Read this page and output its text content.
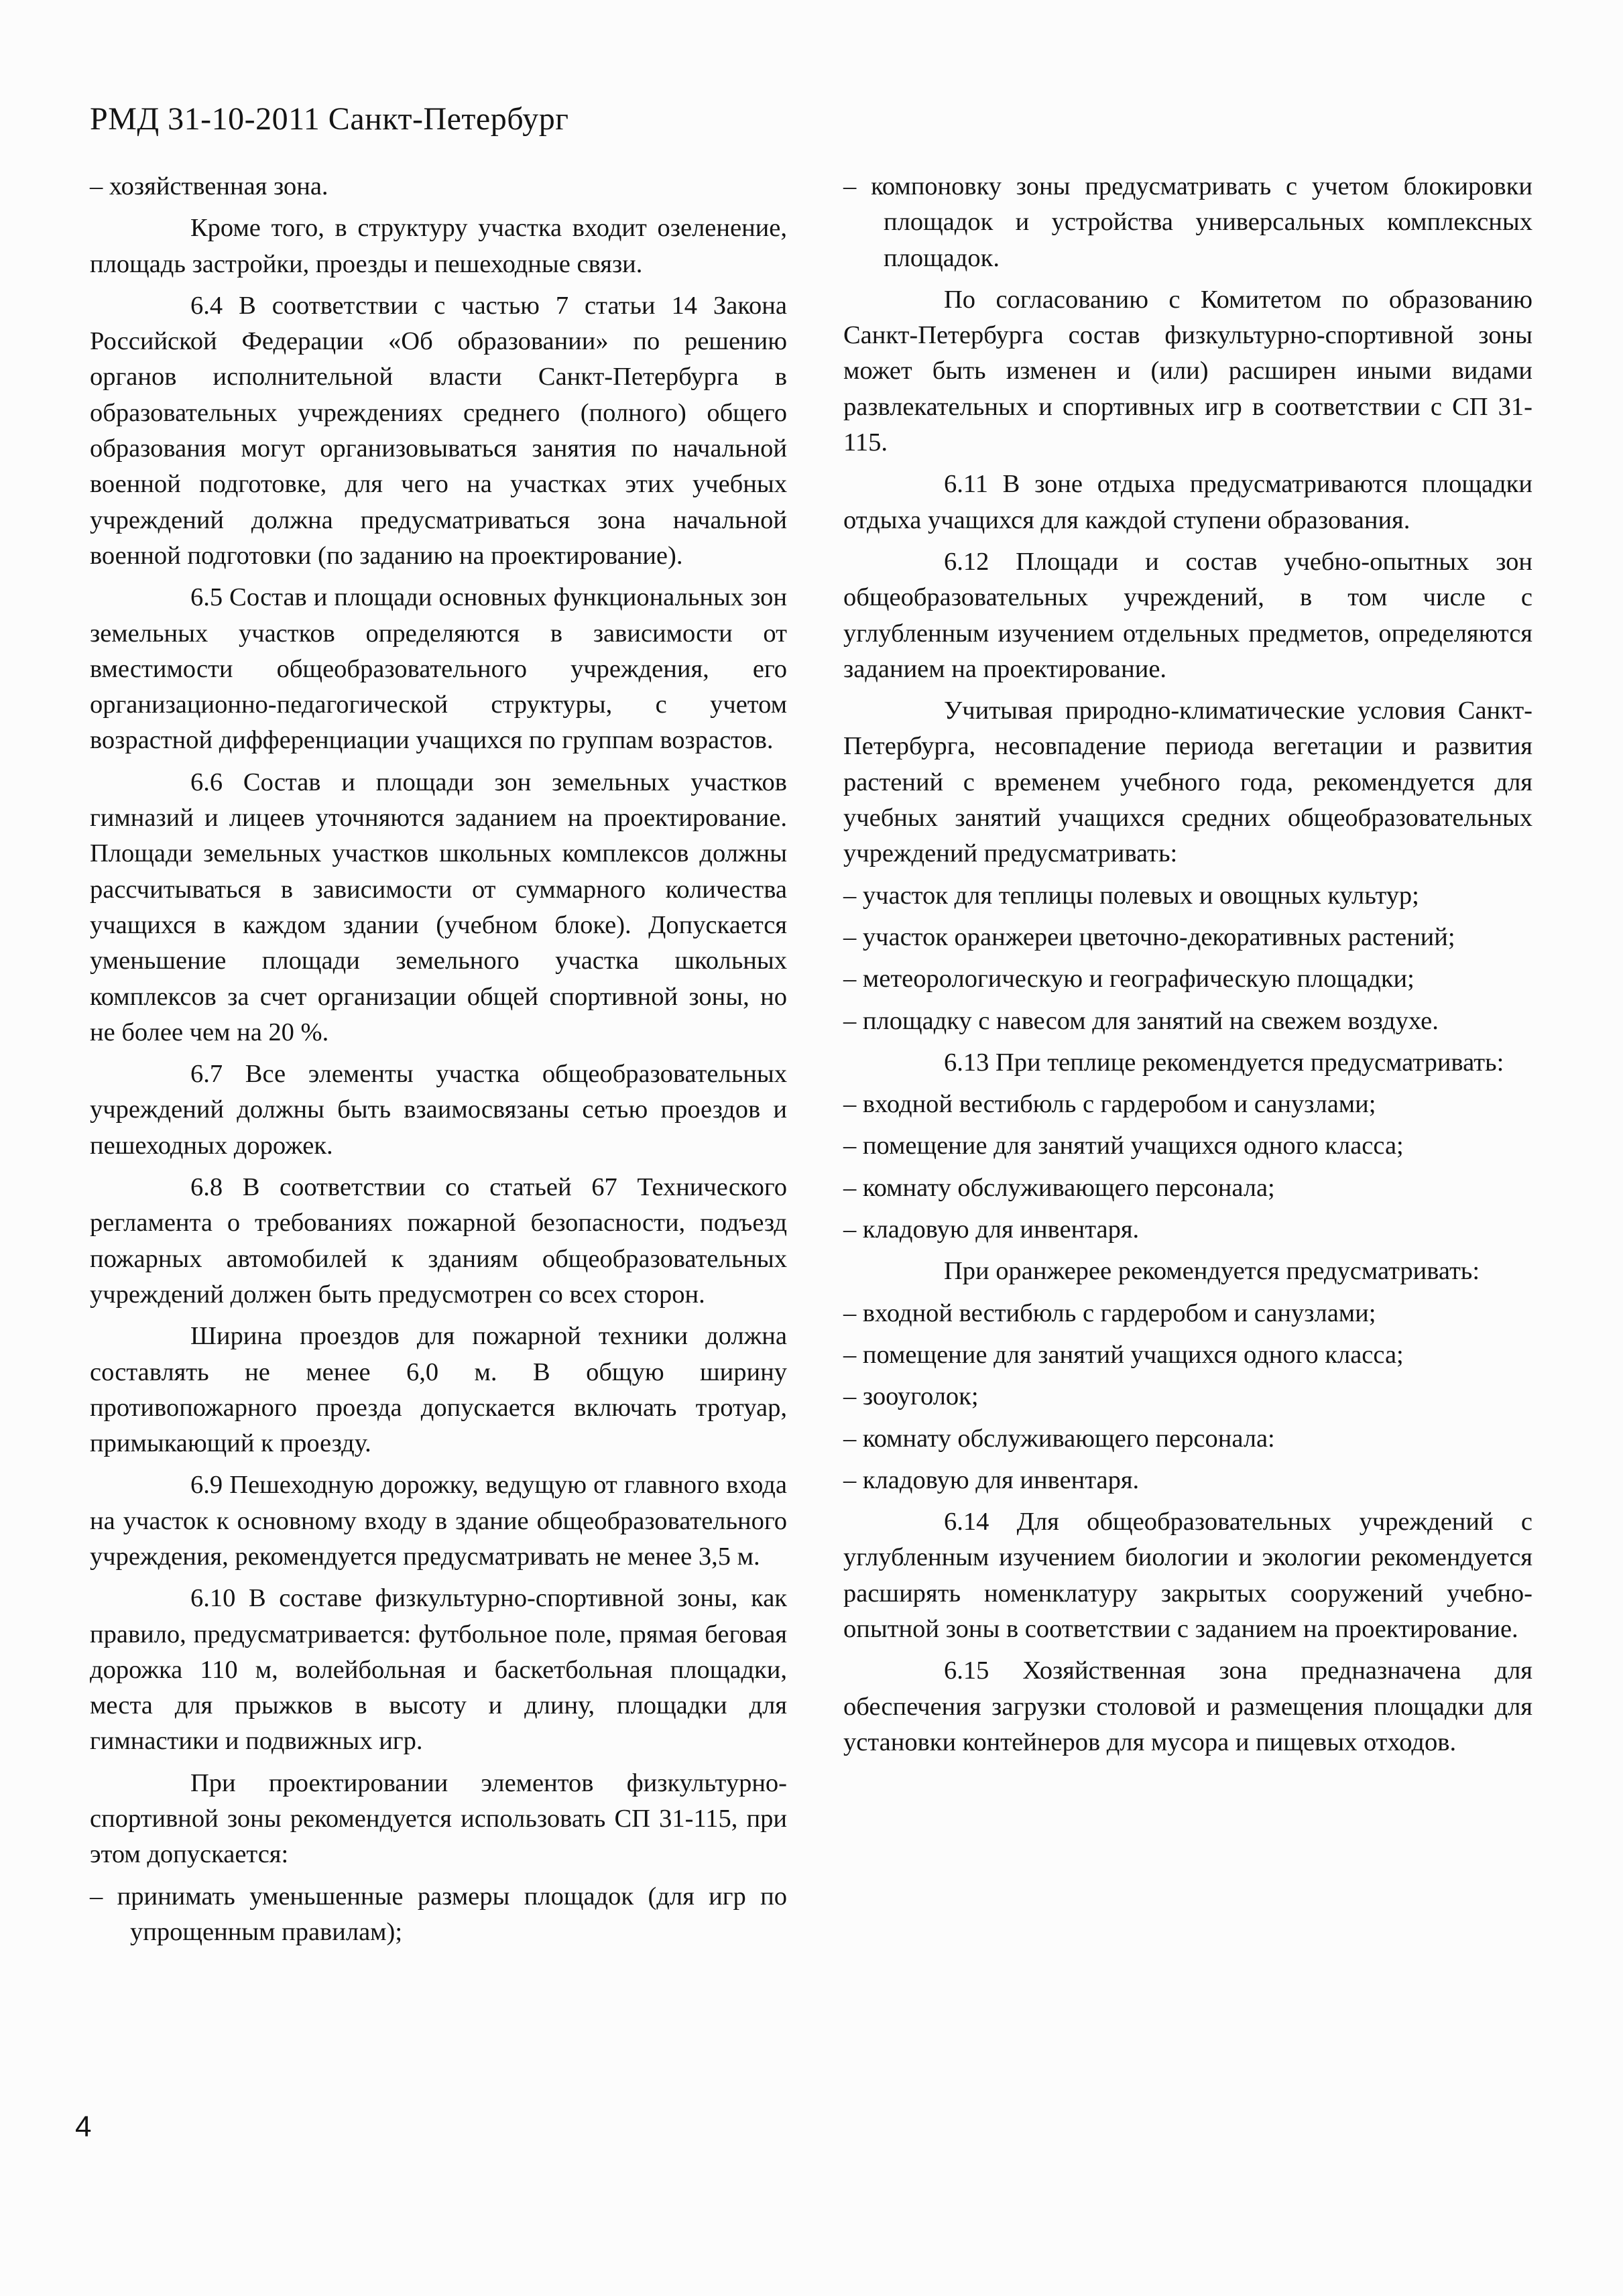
РМД 31-10-2011 Санкт-Петербург

– хозяйственная зона.

Кроме того, в структуру участка входит озеленение, площадь застройки, проезды и пешеходные связи.

6.4 В соответствии с частью 7 статьи 14 Закона Российской Федерации «Об образовании» по решению органов исполнительной власти Санкт-Петербурга в образовательных учреждениях среднего (полного) общего образования могут организовываться занятия по начальной военной подготовке, для чего на участках этих учебных учреждений должна предусматриваться зона начальной военной подготовки (по заданию на проектирование).

6.5 Состав и площади основных функциональных зон земельных участков определяются в зависимости от вместимости общеобразовательного учреждения, его организационно-педагогической структуры, с учетом возрастной дифференциации учащихся по группам возрастов.

6.6 Состав и площади зон земельных участков гимназий и лицеев уточняются заданием на проектирование. Площади земельных участков школьных комплексов должны рассчитываться в зависимости от суммарного количества учащихся в каждом здании (учебном блоке). Допускается уменьшение площади земельного участка школьных комплексов за счет организации общей спортивной зоны, но не более чем на 20 %.

6.7 Все элементы участка общеобразовательных учреждений должны быть взаимосвязаны сетью проездов и пешеходных дорожек.

6.8 В соответствии со статьей 67 Технического регламента о требованиях пожарной безопасности, подъезд пожарных автомобилей к зданиям общеобразовательных учреждений должен быть предусмотрен со всех сторон.

Ширина проездов для пожарной техники должна составлять не менее 6,0 м. В общую ширину противопожарного проезда допускается включать тротуар, примыкающий к проезду.

6.9 Пешеходную дорожку, ведущую от главного входа на участок к основному входу в здание общеобразовательного учреждения, рекомендуется предусматривать не менее 3,5 м.

6.10 В составе физкультурно-спортивной зоны, как правило, предусматривается: футбольное поле, прямая беговая дорожка 110 м, волейбольная и баскетбольная площадки, места для прыжков в высоту и длину, площадки для гимнастики и подвижных игр.

При проектировании элементов физкультурно-спортивной зоны рекомендуется использовать СП 31-115, при этом допускается:

– принимать уменьшенные размеры площадок (для игр по упрощенным правилам);

– компоновку зоны предусматривать с учетом блокировки площадок и устройства универсальных комплексных площадок.

По согласованию с Комитетом по образованию Санкт-Петербурга состав физкультурно-спортивной зоны может быть изменен и (или) расширен иными видами развлекательных и спортивных игр в соответствии с СП 31-115.

6.11 В зоне отдыха предусматриваются площадки отдыха учащихся для каждой ступени образования.

6.12 Площади и состав учебно-опытных зон общеобразовательных учреждений, в том числе с углубленным изучением отдельных предметов, определяются заданием на проектирование.

Учитывая природно-климатические условия Санкт-Петербурга, несовпадение периода вегетации и развития растений с временем учебного года, рекомендуется для учебных занятий учащихся средних общеобразовательных учреждений предусматривать:

– участок для теплицы полевых и овощных культур;

– участок оранжереи цветочно-декоративных растений;

– метеорологическую и географическую площадки;

– площадку с навесом для занятий на свежем воздухе.

6.13 При теплице рекомендуется предусматривать:

– входной вестибюль с гардеробом и санузлами;

– помещение для занятий учащихся одного класса;

– комнату обслуживающего персонала;

– кладовую для инвентаря.

При оранжерее рекомендуется предусматривать:

– входной вестибюль с гардеробом и санузлами;

– помещение для занятий учащихся одного класса;

– зооуголок;

– комнату обслуживающего персонала:

– кладовую для инвентаря.

6.14 Для общеобразовательных учреждений с углубленным изучением биологии и экологии рекомендуется расширять номенклатуру закрытых сооружений учебно-опытной зоны в соответствии с заданием на проектирование.

6.15 Хозяйственная зона предназначена для обеспечения загрузки столовой и размещения площадки для установки контейнеров для мусора и пищевых отходов.

4
